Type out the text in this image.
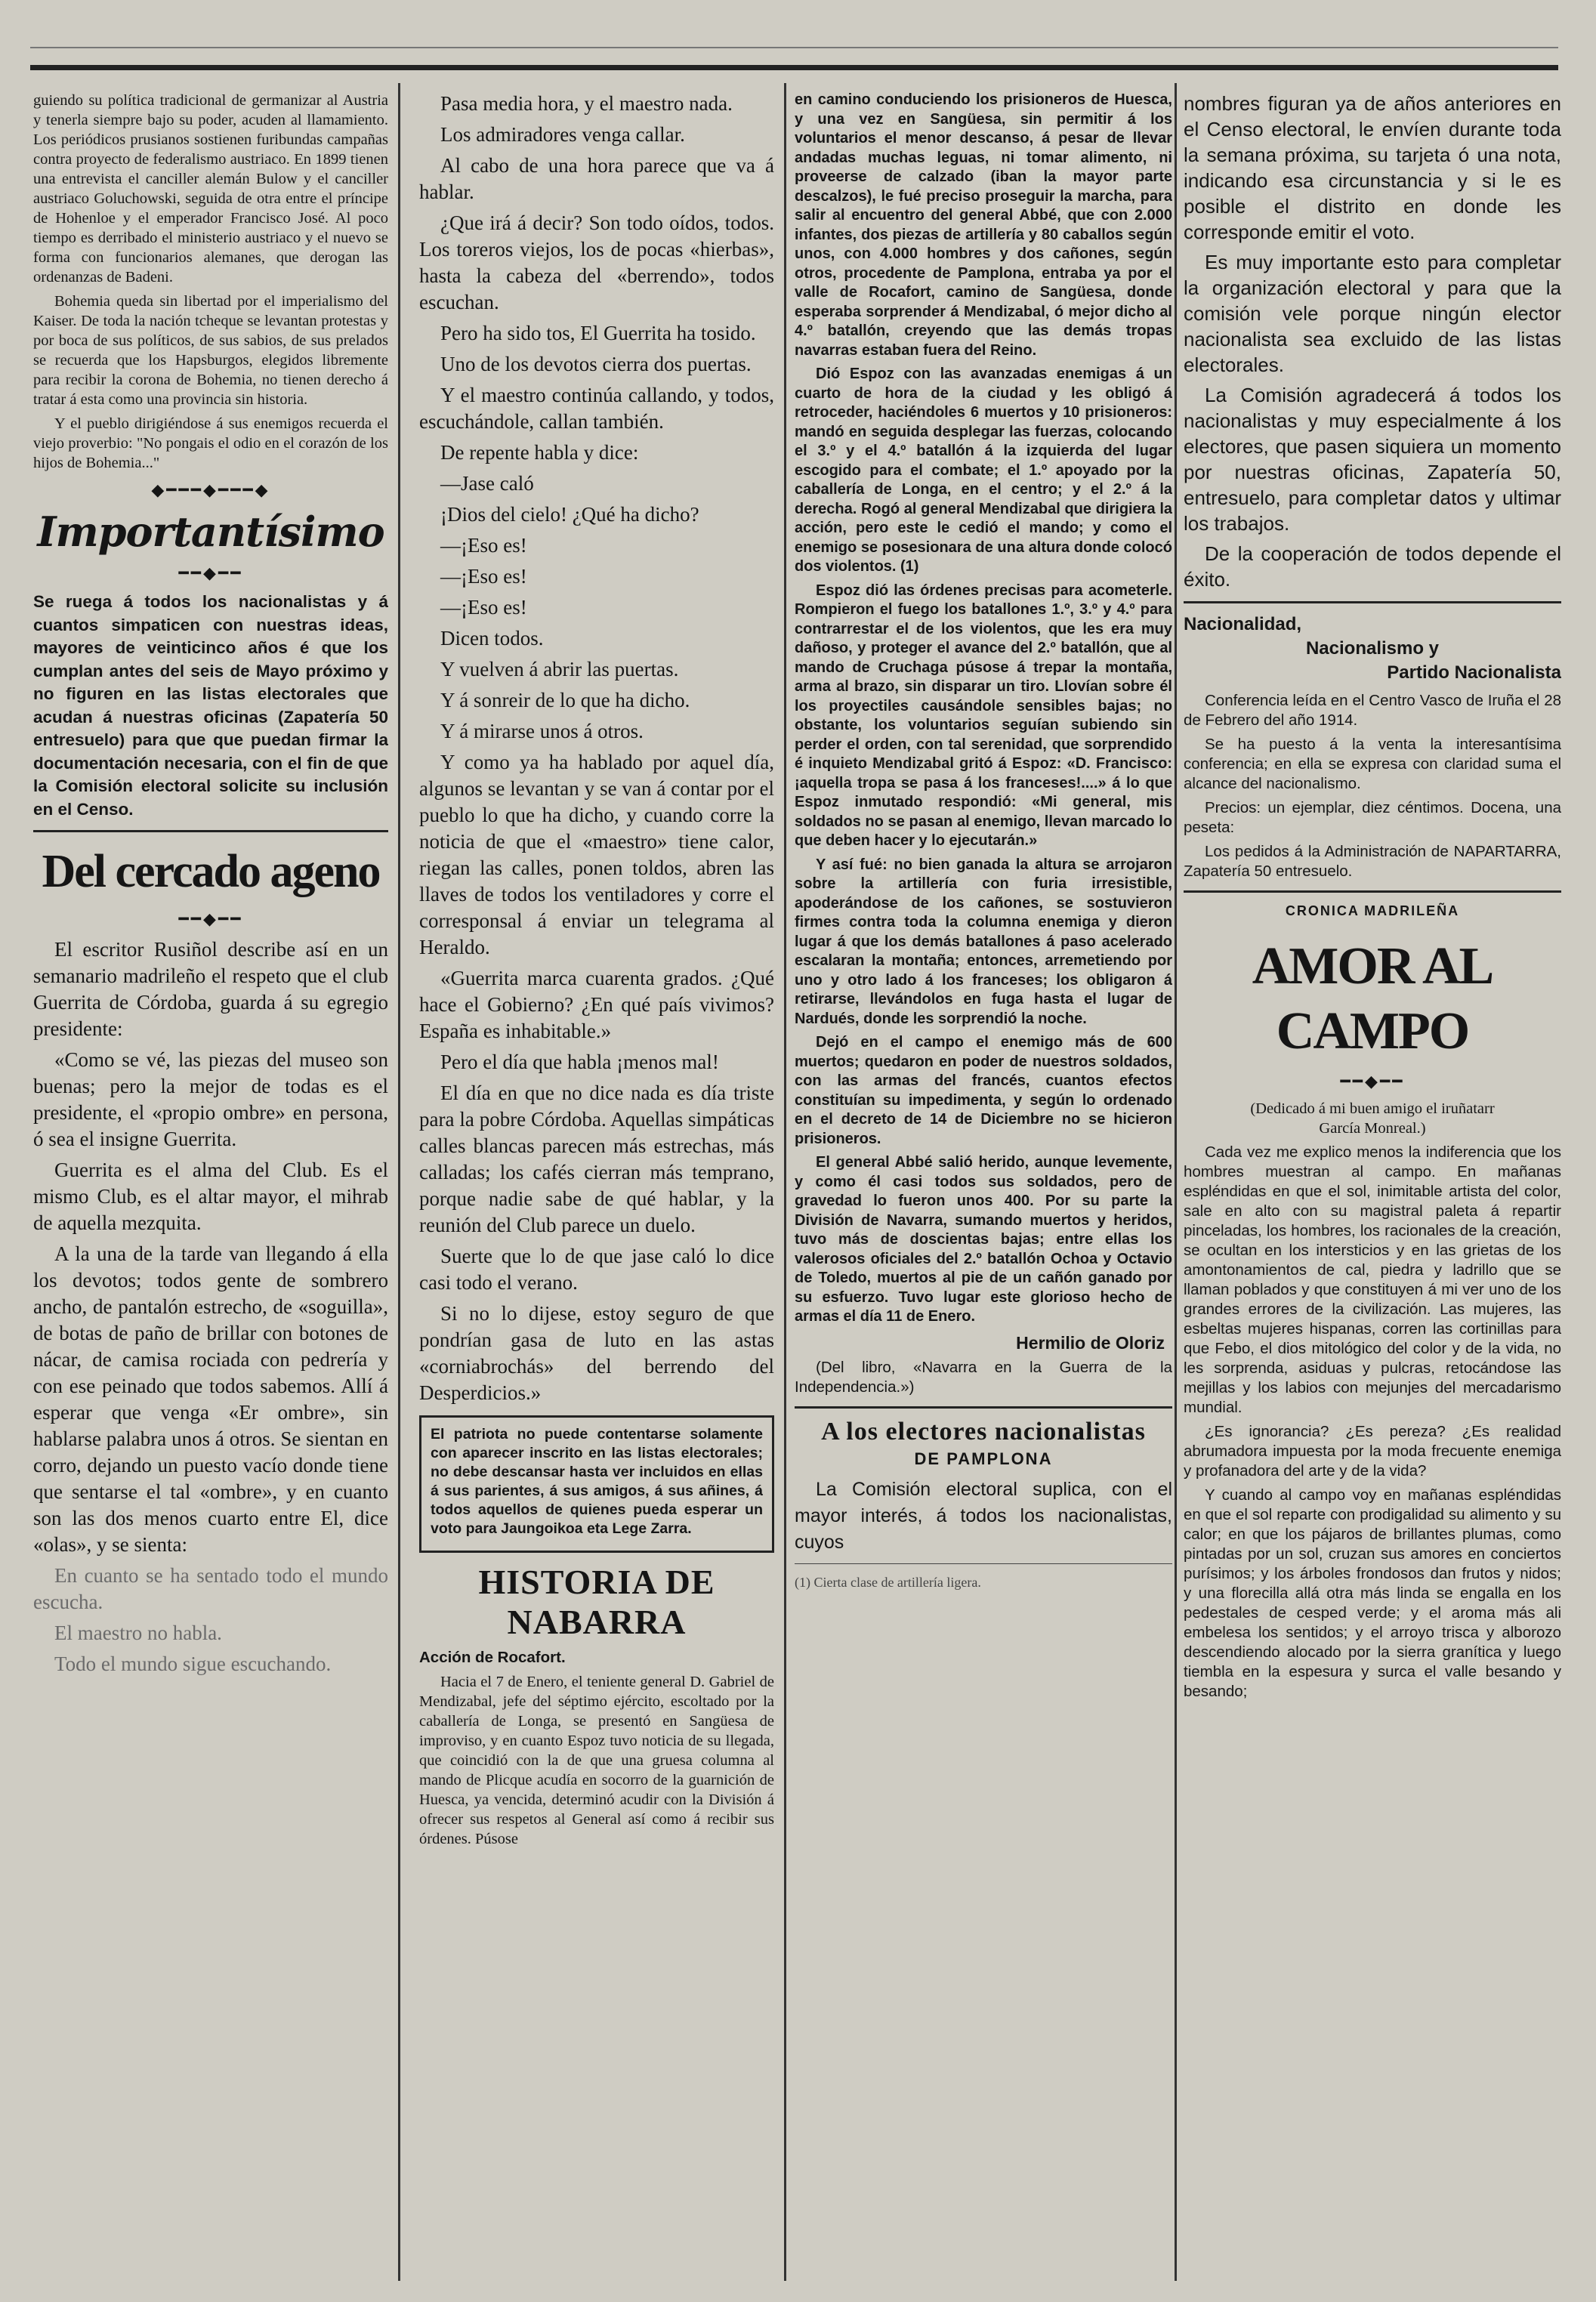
guiendo su política tradicional de germanizar al Austria y tenerla siempre bajo su poder, acuden al llamamiento. Los periódicos prusianos sostienen furibundas campañas contra proyecto de federalismo austriaco. En 1899 tienen una entrevista el canciller alemán Bulow y el canciller austriaco Goluchowski, seguida de otra entre el príncipe de Hohenloe y el emperador Francisco José. Al poco tiempo es derribado el ministerio austriaco y el nuevo se forma con funcionarios alemanes, que derogan las ordenanzas de Badeni.

Bohemia queda sin libertad por el imperialismo del Kaiser. De toda la nación tcheque se levantan protestas y por boca de sus políticos, de sus sabios, de sus prelados se recuerda que los Hapsburgos, elegidos libremente para recibir la corona de Bohemia, no tienen derecho á tratar á esta como una provincia sin historia.

Y el pueblo dirigiéndose á sus enemigos recuerda el viejo proverbio: "No pongais el odio en el corazón de los hijos de Bohemia..."

◆━━━◆━━━◆
Importantísimo
━━◆━━

Se ruega á todos los nacionalistas y á cuantos simpaticen con nuestras ideas, mayores de veinticinco años é que los cumplan antes del seis de Mayo próximo y no figuren en las listas electorales que acudan á nuestras oficinas (Zapatería 50 entresuelo) para que que puedan firmar la documentación necesaria, con el fin de que la Comisión electoral solicite su inclusión en el Censo.

Del cercado ageno
━━◆━━

El escritor Rusiñol describe así en un semanario madrileño el respeto que el club Guerrita de Córdoba, guarda á su egregio presidente:

«Como se vé, las piezas del museo son buenas; pero la mejor de todas es el presidente, el «propio ombre» en persona, ó sea el insigne Guerrita.

Guerrita es el alma del Club. Es el mismo Club, es el altar mayor, el mihrab de aquella mezquita.

A la una de la tarde van llegando á ella los devotos; todos gente de sombrero ancho, de pantalón estrecho, de «soguilla», de botas de paño de brillar con botones de nácar, de camisa rociada con pedrería y con ese peinado que todos sabemos. Allí á esperar que venga «Er ombre», sin hablarse palabra unos á otros. Se sientan en corro, dejando un puesto vacío donde tiene que sentarse el tal «ombre», y en cuanto son las dos menos cuarto entre El, dice «olas», y se sienta:

En cuanto se ha sentado todo el mundo escucha.

El maestro no habla.

Todo el mundo sigue escuchando.

Pasa media hora, y el maestro nada.

Los admiradores venga callar.

Al cabo de una hora parece que va á hablar.

¿Que irá á decir? Son todo oídos, todos. Los toreros viejos, los de pocas «hierbas», hasta la cabeza del «berrendo», todos escuchan.

Pero ha sido tos, El Guerrita ha tosido.

Uno de los devotos cierra dos puertas.

Y el maestro continúa callando, y todos, escuchándole, callan también.

De repente habla y dice:

—Jase caló

¡Dios del cielo! ¿Qué ha dicho?

—¡Eso es!

—¡Eso es!

—¡Eso es!

Dicen todos.

Y vuelven á abrir las puertas.

Y á sonreir de lo que ha dicho.

Y á mirarse unos á otros.

Y como ya ha hablado por aquel día, algunos se levantan y se van á contar por el pueblo lo que ha dicho, y cuando corre la noticia de que el «maestro» tiene calor, riegan las calles, ponen toldos, abren las llaves de todos los ventiladores y corre el corresponsal á enviar un telegrama al Heraldo.

«Guerrita marca cuarenta grados. ¿Qué hace el Gobierno? ¿En qué país vivimos? España es inhabitable.»

Pero el día que habla ¡menos mal!

El día en que no dice nada es día triste para la pobre Córdoba. Aquellas simpáticas calles blancas parecen más estrechas, más calladas; los cafés cierran más temprano, porque nadie sabe de qué hablar, y la reunión del Club parece un duelo.

Suerte que lo de que jase caló lo dice casi todo el verano.

Si no lo dijese, estoy seguro de que pondrían gasa de luto en las astas «corniabrochás» del berrendo del Desperdicios.»

El patriota no puede contentarse solamente con aparecer inscrito en las listas electorales; no debe descansar hasta ver incluidos en ellas á sus parientes, á sus amigos, á sus añines, á todos aquellos de quienes pueda esperar un voto para Jaungoikoa eta Lege Zarra.

HISTORIA DE NABARRA

Acción de Rocafort.

Hacia el 7 de Enero, el teniente general D. Gabriel de Mendizabal, jefe del séptimo ejército, escoltado por la caballería de Longa, se presentó en Sangüesa de improviso, y en cuanto Espoz tuvo noticia de su llegada, que coincidió con la de que una gruesa columna al mando de Plicque acudía en socorro de la guarnición de Huesca, ya vencida, determinó acudir con la División á ofrecer sus respetos al General así como á recibir sus órdenes. Púsose

en camino conduciendo los prisioneros de Huesca, y una vez en Sangüesa, sin permitir á los voluntarios el menor descanso, á pesar de llevar andadas muchas leguas, ni tomar alimento, ni proveerse de calzado (iban la mayor parte descalzos), le fué preciso proseguir la marcha, para salir al encuentro del general Abbé, que con 2.000 infantes, dos piezas de artillería y 80 caballos según unos, con 4.000 hombres y dos cañones, según otros, procedente de Pamplona, entraba ya por el valle de Rocafort, camino de Sangüesa, donde esperaba sorprender á Mendizabal, ó mejor dicho al 4.º batallón, creyendo que las demás tropas navarras estaban fuera del Reino.

Dió Espoz con las avanzadas enemigas á un cuarto de hora de la ciudad y les obligó á retroceder, haciéndoles 6 muertos y 10 prisioneros: mandó en seguida desplegar las fuerzas, colocando el 3.º y el 4.º batallón á la izquierda del lugar escogido para el combate; el 1.º apoyado por la caballería de Longa, en el centro; y el 2.º á la derecha. Rogó al general Mendizabal que dirigiera la acción, pero este le cedió el mando; y como el enemigo se posesionara de una altura donde colocó dos violentos. (1)

Espoz dió las órdenes precisas para acometerle. Rompieron el fuego los batallones 1.º, 3.º y 4.º para contrarrestar el de los violentos, que les era muy dañoso, y proteger el avance del 2.º batallón, que al mando de Cruchaga púsose á trepar la montaña, arma al brazo, sin disparar un tiro. Llovían sobre él los proyectiles causándole sensibles bajas; no obstante, los voluntarios seguían subiendo sin perder el orden, con tal serenidad, que sorprendido é inquieto Mendizabal gritó á Espoz: «D. Francisco: ¡aquella tropa se pasa á los franceses!....» á lo que Espoz inmutado respondió: «Mi general, mis soldados no se pasan al enemigo, llevan marcado lo que deben hacer y lo ejecutarán.»

Y así fué: no bien ganada la altura se arrojaron sobre la artillería con furia irresistible, apoderándose de los cañones, se sostuvieron firmes contra toda la columna enemiga y dieron lugar á que los demás batallones á paso acelerado escalaran la montaña; entonces, arremetiendo por uno y otro lado á los franceses; los obligaron á retirarse, llevándolos en fuga hasta el lugar de Nardués, donde les sorprendió la noche.

Dejó en el campo el enemigo más de 600 muertos; quedaron en poder de nuestros soldados, con las armas del francés, cuantos efectos constituían su impedimenta, y según lo ordenado en el decreto de 14 de Diciembre no se hicieron prisioneros.

El general Abbé salió herido, aunque levemente, y como él casi todos sus soldados, pero de gravedad lo fueron unos 400. Por su parte la División de Navarra, sumando muertos y heridos, tuvo más de doscientas bajas; entre ellas los valerosos oficiales del 2.º batallón Ochoa y Octavio de Toledo, muertos al pie de un cañón ganado por su esfuerzo. Tuvo lugar este glorioso hecho de armas el día 11 de Enero.

Hermilio de Oloriz

(Del libro, «Navarra en la Guerra de la Independencia.»)

A los electores nacionalistas
DE PAMPLONA

La Comisión electoral suplica, con el mayor interés, á todos los nacionalistas, cuyos

(1) Cierta clase de artillería ligera.

nombres figuran ya de años anteriores en el Censo electoral, le envíen durante toda la semana próxima, su tarjeta ó una nota, indicando esa circunstancia y si le es posible el distrito en donde les corresponde emitir el voto.

Es muy importante esto para completar la organización electoral y para que la comisión vele porque ningún elector nacionalista sea excluido de las listas electorales.

La Comisión agradecerá á todos los nacionalistas y muy especialmente á los electores, que pasen siquiera un momento por nuestras oficinas, Zapatería 50, entresuelo, para completar datos y ultimar los trabajos.

De la cooperación de todos depende el éxito.

Nacionalidad,
Nacionalismo y
Partido Nacionalista

Conferencia leída en el Centro Vasco de Iruña el 28 de Febrero del año 1914.

Se ha puesto á la venta la interesantísima conferencia; en ella se expresa con claridad suma el alcance del nacionalismo.

Precios: un ejemplar, diez céntimos. Docena, una peseta:

Los pedidos á la Administración de NAPARTARRA, Zapatería 50 entresuelo.

CRONICA MADRILEÑA
AMOR AL CAMPO
━━◆━━

(Dedicado á mi buen amigo el iruñatarr García Monreal.)

Cada vez me explico menos la indiferencia que los hombres muestran al campo. En mañanas espléndidas en que el sol, inimitable artista del color, sale en alto con su magistral paleta á repartir pinceladas, los hombres, los racionales de la creación, se ocultan en los intersticios y en las grietas de los amontonamientos de cal, piedra y ladrillo que se llaman poblados y que constituyen á mi ver uno de los grandes errores de la civilización. Las mujeres, las esbeltas mujeres hispanas, corren las cortinillas para que Febo, el dios mitológico del color y de la vida, no les sorprenda, asiduas y pulcras, retocándose las mejillas y los labios con mejunjes del mercadarismo mundial.

¿Es ignorancia? ¿Es pereza? ¿Es realidad abrumadora impuesta por la moda frecuente enemiga y profanadora del arte y de la vida?

Y cuando al campo voy en mañanas espléndidas en que el sol reparte con prodigalidad su alimento y su calor; en que los pájaros de brillantes plumas, como pintadas por un sol, cruzan sus amores en conciertos purísimos; y los árboles frondosos dan frutos y nidos; y una florecilla allá otra más linda se engalla en los pedestales de cesped verde; y el aroma más ali embelesa los sentidos; y el arroyo trisca y alborozo descendiendo alocado por la sierra granítica y luego tiembla en la espesura y surca el valle besando y besando;
